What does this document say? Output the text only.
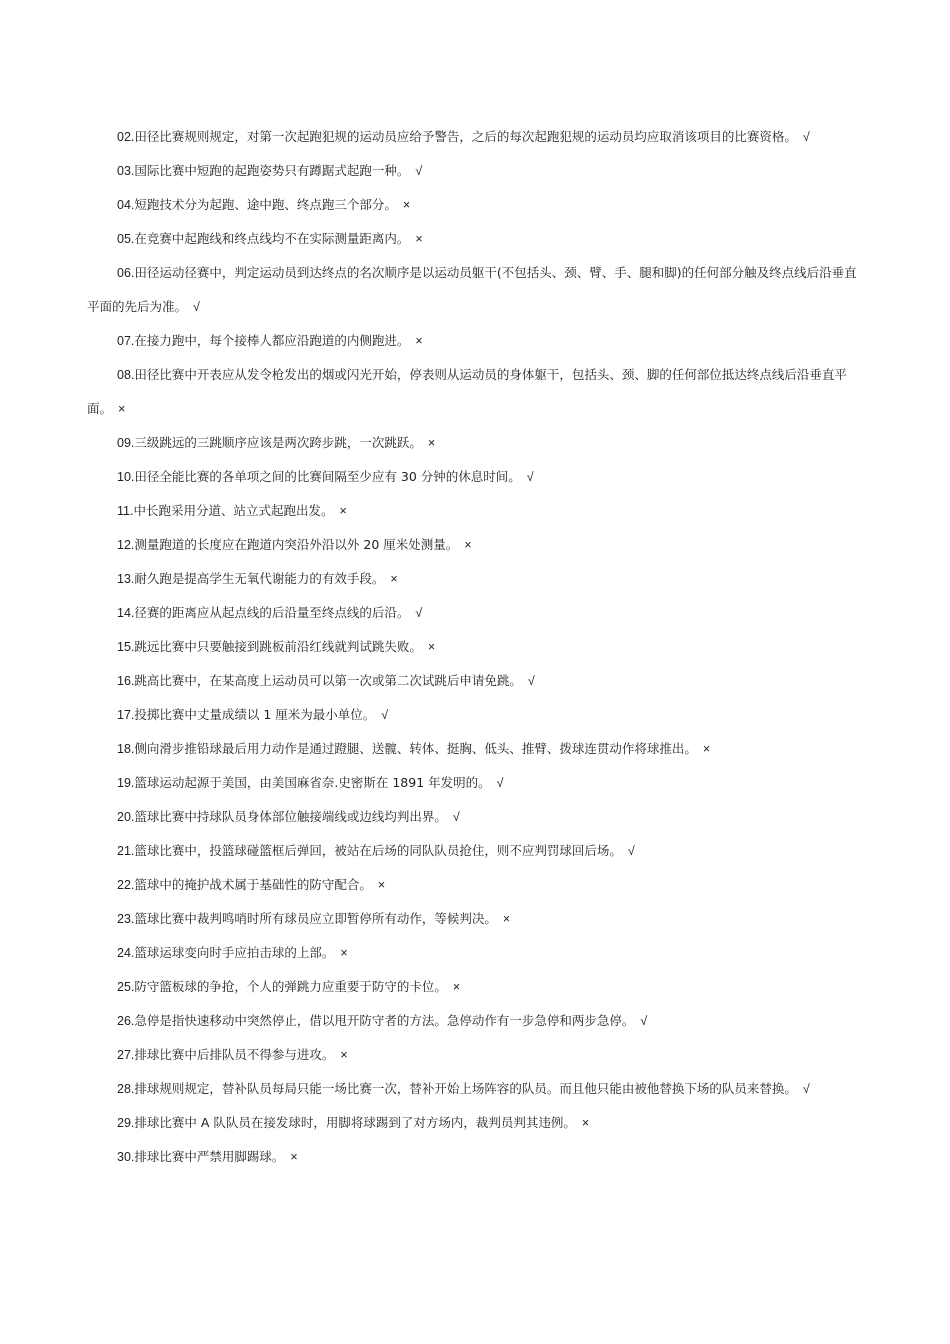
02.田径比赛规则规定，对第一次起跑犯规的运动员应给予警告，之后的每次起跑犯规的运动员均应取消该项目的比赛资格。 √

03.国际比赛中短跑的起跑姿势只有蹲踞式起跑一种。 √

04.短跑技术分为起跑、途中跑、终点跑三个部分。 ×

05.在竞赛中起跑线和终点线均不在实际测量距离内。 ×

06.田径运动径赛中，判定运动员到达终点的名次顺序是以运动员躯干(不包括头、颈、臂、手、腿和脚)的任何部分触及终点线后沿垂直平面的先后为准。 √

07.在接力跑中，每个接棒人都应沿跑道的内侧跑进。 ×

08.田径比赛中开表应从发令枪发出的烟或闪光开始，停表则从运动员的身体躯干，包括头、颈、脚的任何部位抵达终点线后沿垂直平面。 ×

09.三级跳远的三跳顺序应该是两次跨步跳，一次跳跃。 ×

10.田径全能比赛的各单项之间的比赛间隔至少应有 30 分钟的休息时间。 √

11.中长跑采用分道、站立式起跑出发。 ×

12.测量跑道的长度应在跑道内突沿外沿以外 20 厘米处测量。 ×

13.耐久跑是提高学生无氧代谢能力的有效手段。 ×

14.径赛的距离应从起点线的后沿量至终点线的后沿。 √

15.跳远比赛中只要触接到跳板前沿红线就判试跳失败。 ×

16.跳高比赛中，在某高度上运动员可以第一次或第二次试跳后申请免跳。 √

17.投掷比赛中丈量成绩以 1 厘米为最小单位。 √

18.侧向滑步推铅球最后用力动作是通过蹬腿、送髋、转体、挺胸、低头、推臂、拨球连贯动作将球推出。 ×

19.篮球运动起源于美国，由美国麻省奈.史密斯在 1891 年发明的。 √

20.篮球比赛中持球队员身体部位触接端线或边线均判出界。 √

21.篮球比赛中，投篮球碰篮框后弹回，被站在后场的同队队员抢住，则不应判罚球回后场。 √

22.篮球中的掩护战术属于基础性的防守配合。 ×

23.篮球比赛中裁判鸣哨时所有球员应立即暂停所有动作，等候判决。 ×

24.篮球运球变向时手应拍击球的上部。 ×

25.防守篮板球的争抢，个人的弹跳力应重要于防守的卡位。 ×

26.急停是指快速移动中突然停止，借以甩开防守者的方法。急停动作有一步急停和两步急停。 √

27.排球比赛中后排队员不得参与进攻。 ×

28.排球规则规定，替补队员每局只能一场比赛一次，替补开始上场阵容的队员。而且他只能由被他替换下场的队员来替换。 √

29.排球比赛中 A 队队员在接发球时，用脚将球踢到了对方场内，裁判员判其违例。 ×

30.排球比赛中严禁用脚踢球。 ×
